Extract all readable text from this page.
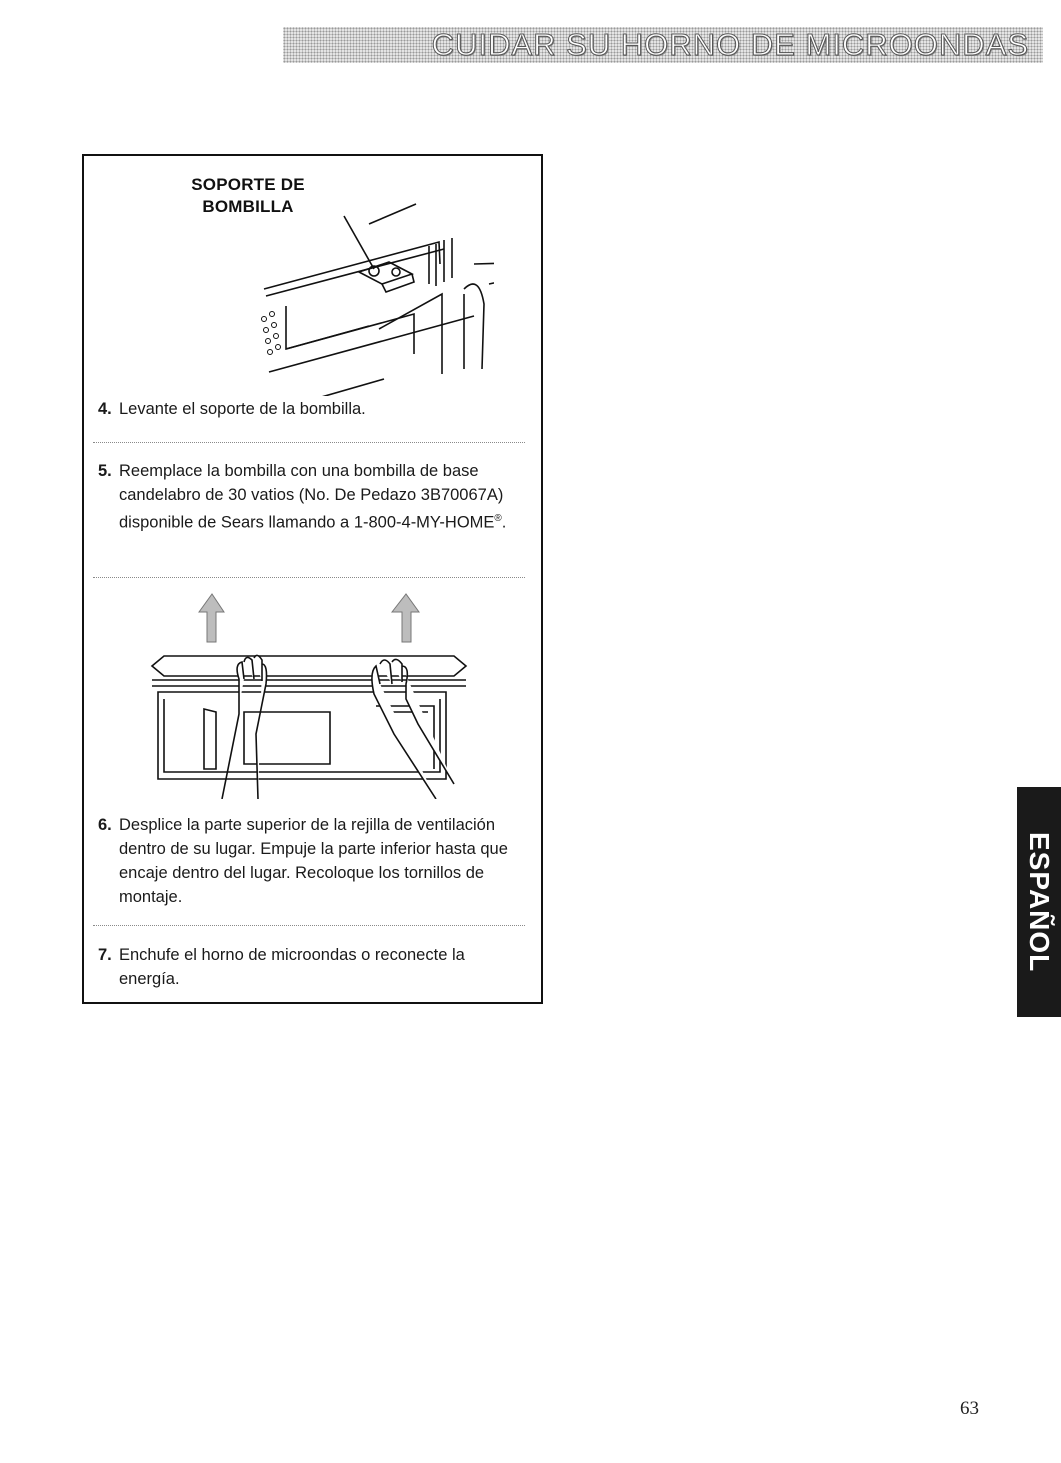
CUIDAR SU HORNO DE MICROONDAS
SOPORTE DE
BOMBILLA
4. Levante el soporte de la bombilla.
5. Reemplace la bombilla con una bombilla de base candelabro de 30 vatios (No. De Pedazo 3B70067A) disponible de Sears llamando a 1-800-4-MY-HOME®.
6. Desplice la parte superior de la rejilla de ventilación dentro de su lugar. Empuje la parte inferior hasta que encaje dentro del lugar. Recoloque los tornillos de montaje.
7. Enchufe el horno de microondas o reconecte la energía.
ESPAÑOL
63
